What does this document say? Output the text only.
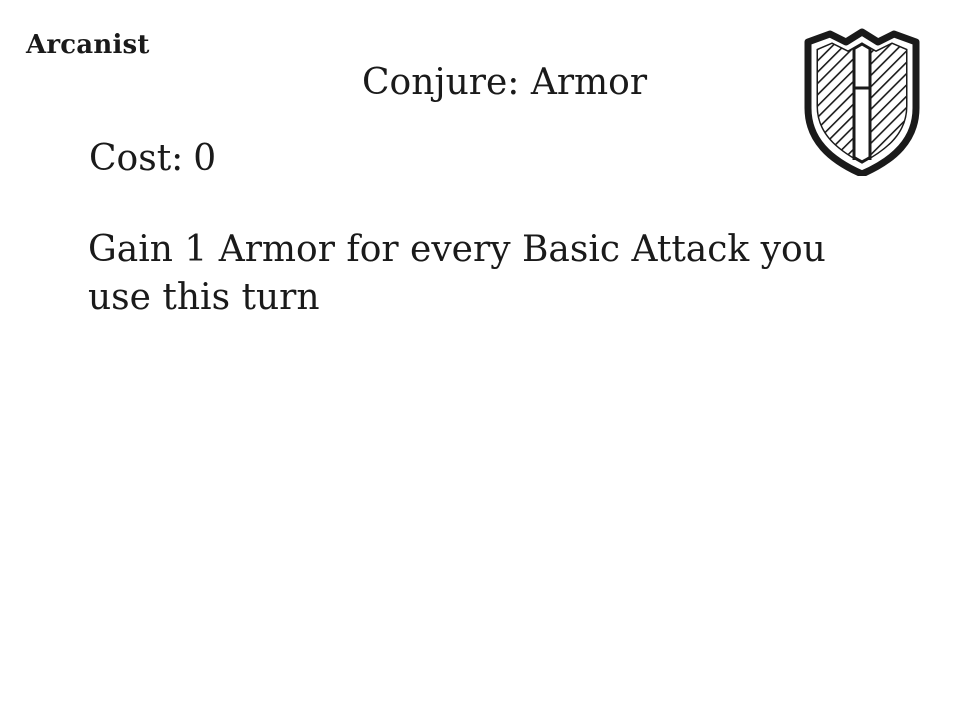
Arcanist
Conjure: Armor
Cost: 0
Gain 1 Armor for every Basic Attack you use this turn
